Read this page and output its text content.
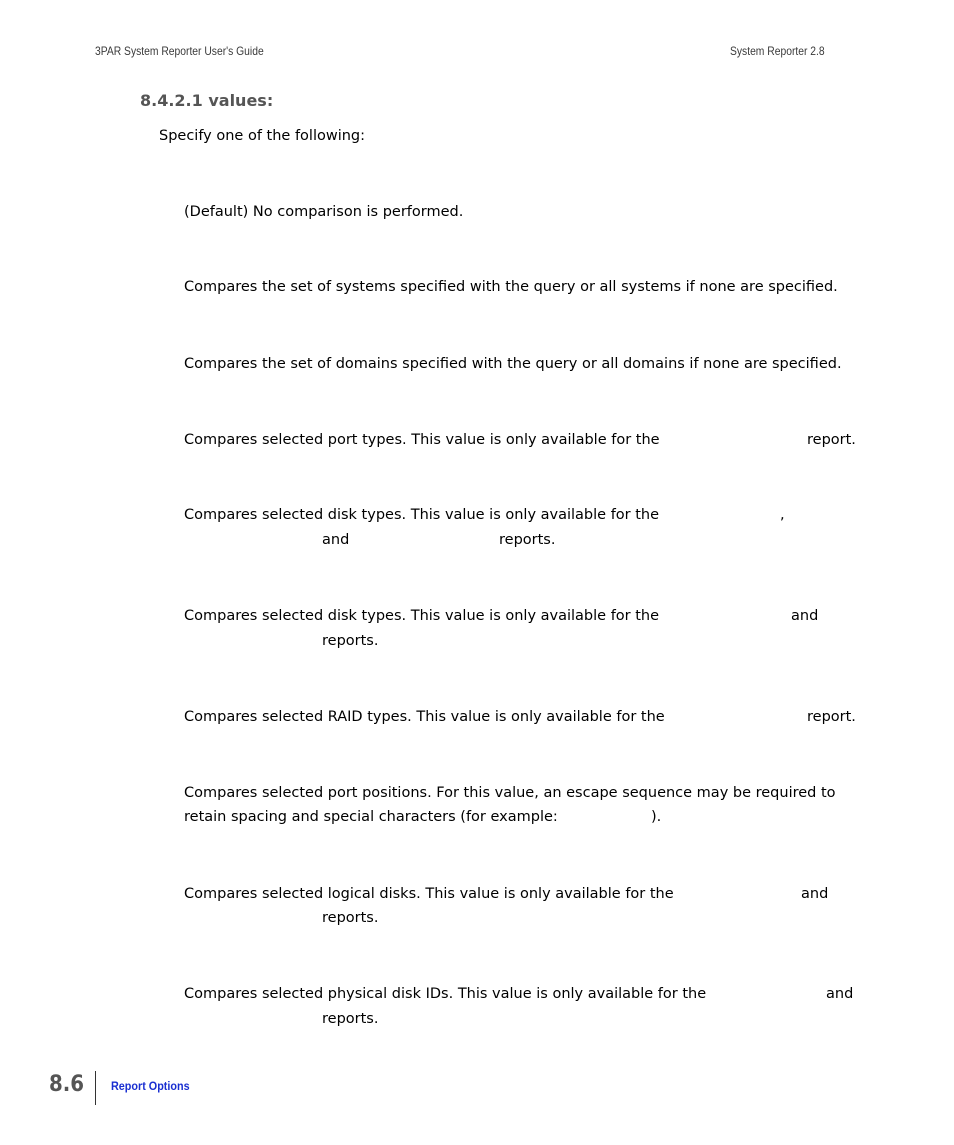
3PAR System Reporter User's Guide	System Reporter 2.8
8.4.2.1 values:

Specify one of the following:

(Default) No comparison is performed.
Compares the set of systems specified with the query or all systems if none are specified.
Compares the set of domains specified with the query or all domains if none are specified.
Compares selected port types. This value is only available for the	report.
Compares selected disk types. This value is only available for the	,
and	reports.
Compares selected disk types. This value is only available for the	and
reports.
Compares selected RAID types. This value is only available for the	report.
Compares selected port positions. For this value, an escape sequence may be required to
retain spacing and special characters (for example:	).
Compares selected logical disks. This value is only available for the	and
reports.
Compares selected physical disk IDs. This value is only available for the	and
reports.
8.6 Report Options
